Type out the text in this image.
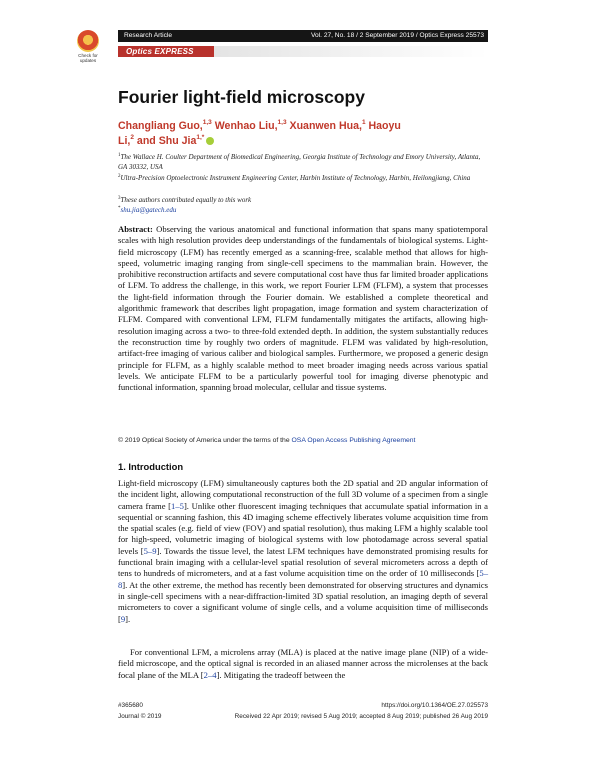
Check for updates
Research Article	Vol. 27, No. 18 / 2 September 2019 / Optics Express 25573
Optics EXPRESS
Fourier light-field microscopy
Changliang Guo,$^{1,3}$ Wenhao Liu,$^{1,3}$ Xuanwen Hua,$^1$ Haoyu
Li,$^2$ and Shu Jia$^{1,*}$
$^1$The Wallace H. Coulter Department of Biomedical Engineering, Georgia Institute of Technology and Emory University, Atlanta, GA 30332, USA
$^2$Ultra-Precision Optoelectronic Instrument Engineering Center, Harbin Institute of Technology, Harbin, Heilongjiang, China
$^3$These authors contributed equally to this work
*shu.jia@gatech.edu
Abstract: Observing the various anatomical and functional information that spans many spatiotemporal scales with high resolution provides deep understandings of the fundamentals of biological systems. Light-field microscopy (LFM) has recently emerged as a scanning-free, scalable method that allows for high-speed, volumetric imaging ranging from single-cell specimens to the mammalian brain. However, the prohibitive reconstruction artifacts and severe computational cost have thus far limited broader applications of LFM. To address the challenge, in this work, we report Fourier LFM (FLFM), a system that processes the light-field information through the Fourier domain. We established a complete theoretical and algorithmic framework that describes light propagation, image formation and system characterization of FLFM. Compared with conventional LFM, FLFM fundamentally mitigates the artifacts, allowing high-resolution imaging across a two- to three-fold extended depth. In addition, the system substantially reduces the reconstruction time by roughly two orders of magnitude. FLFM was validated by high-resolution, artifact-free imaging of various caliber and biological samples. Furthermore, we proposed a generic design principle for FLFM, as a highly scalable method to meet broader imaging needs across various spatial levels. We anticipate FLFM to be a particularly powerful tool for imaging diverse phenotypic and functional information, spanning broad molecular, cellular and tissue systems.
© 2019 Optical Society of America under the terms of the OSA Open Access Publishing Agreement
1. Introduction
Light-field microscopy (LFM) simultaneously captures both the 2D spatial and 2D angular information of the incident light, allowing computational reconstruction of the full 3D volume of a specimen from a single camera frame [1–5]. Unlike other fluorescent imaging techniques that accumulate spatial information in a sequential or scanning fashion, this 4D imaging scheme effectively liberates volume acquisition time from the spatial scales (e.g. field of view (FOV) and spatial resolution), thus making LFM a highly scalable tool for high-speed, volumetric imaging of biological systems with low photodamage across several spatial levels [5–9]. Towards the tissue level, the latest LFM techniques have demonstrated promising results for functional brain imaging with a cellular-level spatial resolution of several micrometers across a depth of tens to hundreds of micrometers, and at a fast volume acquisition time on the order of 10 milliseconds [5–8]. At the other extreme, the method has recently been demonstrated for observing structures and dynamics in single-cell specimens with a near-diffraction-limited 3D spatial resolution, an imaging depth of several micrometers to cover a significant volume of single cells, and a volume acquisition time of milliseconds [9].
For conventional LFM, a microlens array (MLA) is placed at the native image plane (NIP) of a wide-field microscope, and the optical signal is recorded in an aliased manner across the microlenses at the back focal plane of the MLA [2–4]. Mitigating the tradeoff between the
#365680
Journal © 2019
https://doi.org/10.1364/OE.27.025573
Received 22 Apr 2019; revised 5 Aug 2019; accepted 8 Aug 2019; published 26 Aug 2019
